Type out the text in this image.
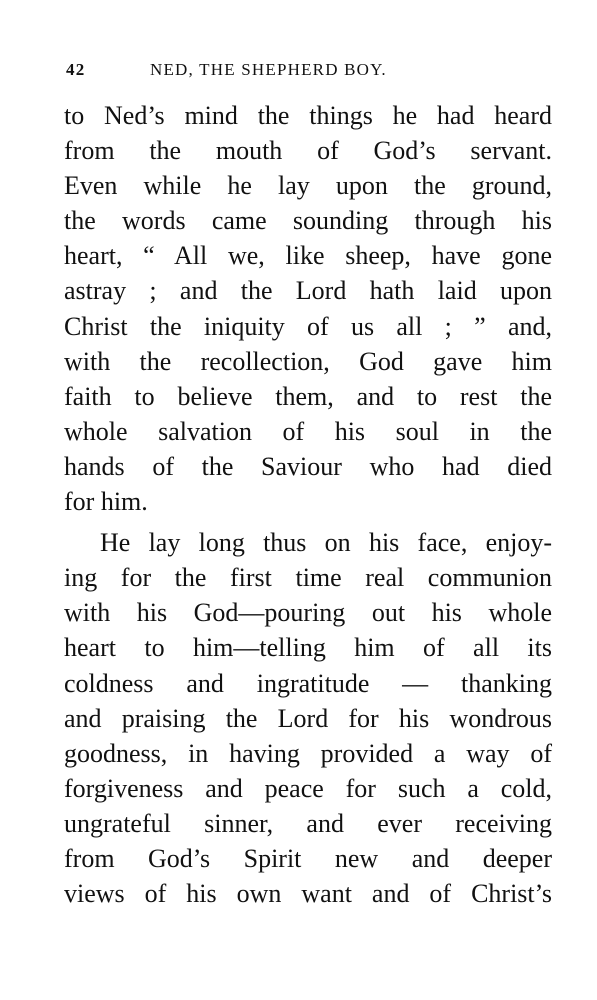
42	NED, THE SHEPHERD BOY.
to Ned’s mind the things he had heard
from the mouth of God’s servant.
Even while he lay upon the ground,
the words came sounding through his
heart, “ All we, like sheep, have gone
astray ; and the Lord hath laid upon
Christ the iniquity of us all ; ” and,
with the recollection, God gave him
faith to believe them, and to rest the
whole salvation of his soul in the
hands of the Saviour who had died
for him.
He lay long thus on his face, enjoy-
ing for the first time real communion
with his God—pouring out his whole
heart to him—telling him of all its
coldness and ingratitude — thanking
and praising the Lord for his wondrous
goodness, in having provided a way of
forgiveness and peace for such a cold,
ungrateful sinner, and ever receiving
from God’s Spirit new and deeper
views of his own want and of Christ’s
